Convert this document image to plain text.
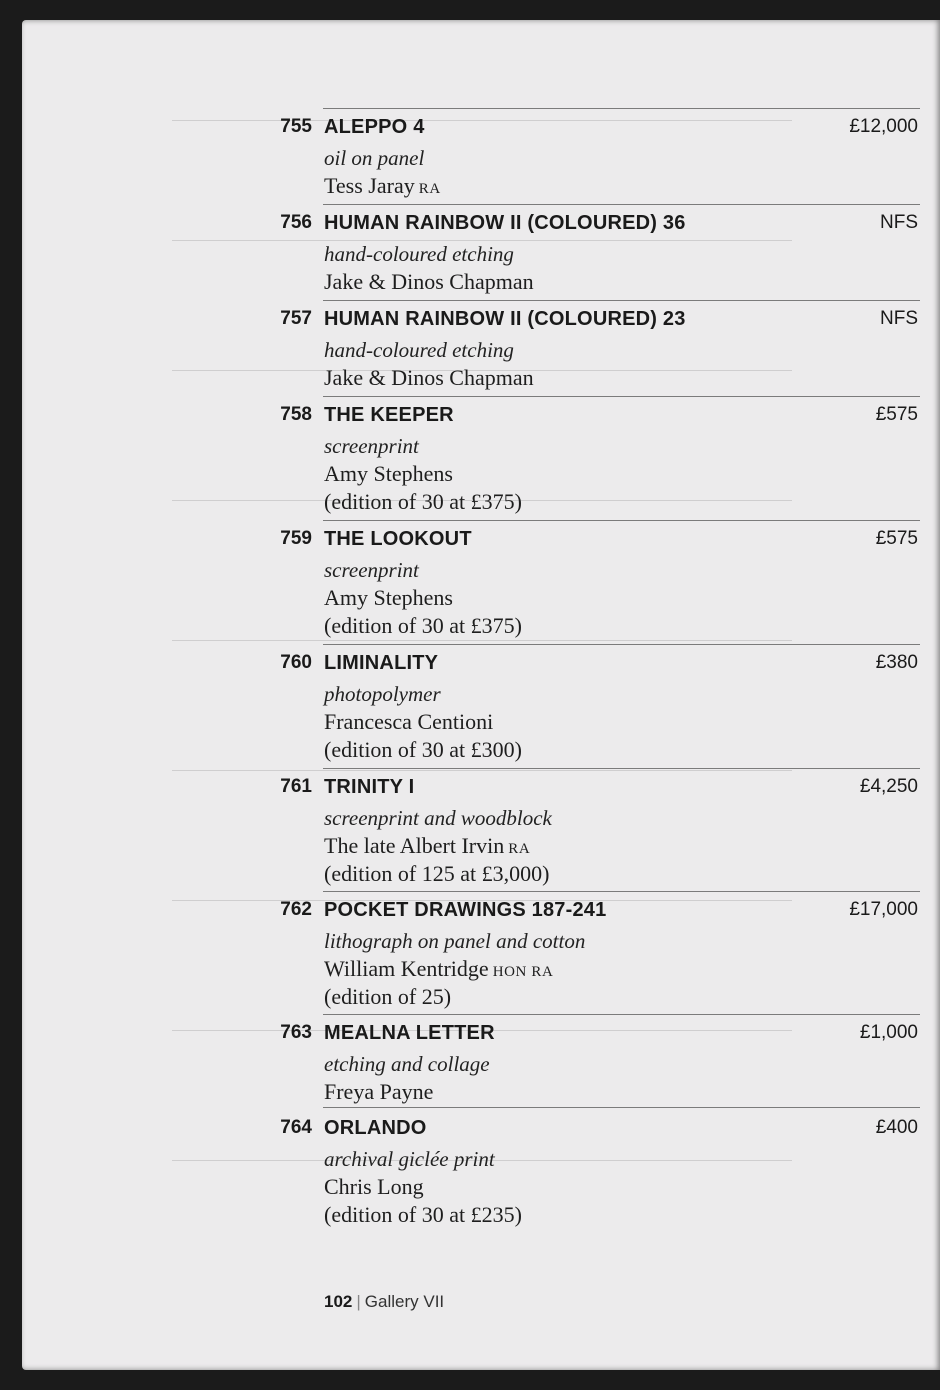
755 ALEPPO 4	£12,000
oil on panel
Tess Jaray RA
756 HUMAN RAINBOW II (COLOURED) 36	NFS
hand-coloured etching
Jake & Dinos Chapman
757 HUMAN RAINBOW II (COLOURED) 23	NFS
hand-coloured etching
Jake & Dinos Chapman
758 THE KEEPER	£575
screenprint
Amy Stephens
(edition of 30 at £375)
759 THE LOOKOUT	£575
screenprint
Amy Stephens
(edition of 30 at £375)
760 LIMINALITY	£380
photopolymer
Francesca Centioni
(edition of 30 at £300)
761 TRINITY I	£4,250
screenprint and woodblock
The late Albert Irvin RA
(edition of 125 at £3,000)
762 POCKET DRAWINGS 187-241	£17,000
lithograph on panel and cotton
William Kentridge HON RA
(edition of 25)
763 MEALNA LETTER	£1,000
etching and collage
Freya Payne
764 ORLANDO	£400
archival giclée print
Chris Long
(edition of 30 at £235)
102 | Gallery VII
